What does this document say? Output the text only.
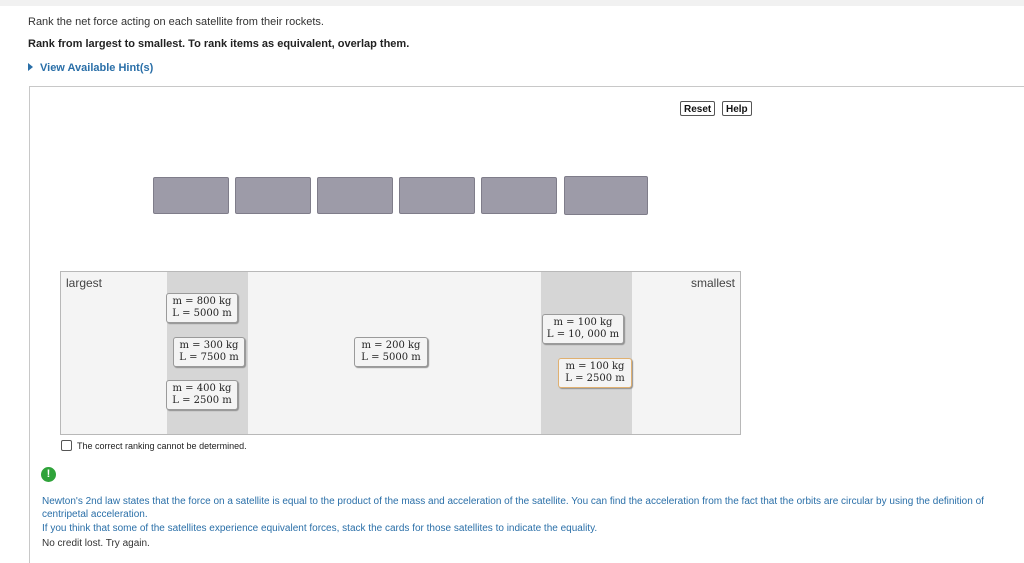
Rank the net force acting on each satellite from their rockets.
Rank from largest to smallest. To rank items as equivalent, overlap them.
View Available Hint(s)
Reset	Help
largest	smallest
m = 800 kg
L = 5000 m
m = 300 kg
L = 7500 m
m = 400 kg
L = 2500 m
m = 200 kg
L = 5000 m
m = 100 kg
L = 10, 000 m
m = 100 kg
L = 2500 m
The correct ranking cannot be determined.
!
Newton's 2nd law states that the force on a satellite is equal to the product of the mass and acceleration of the satellite. You can find the acceleration from the fact that the orbits are circular by using the definition of centripetal acceleration.
If you think that some of the satellites experience equivalent forces, stack the cards for those satellites to indicate the equality.
No credit lost. Try again.
